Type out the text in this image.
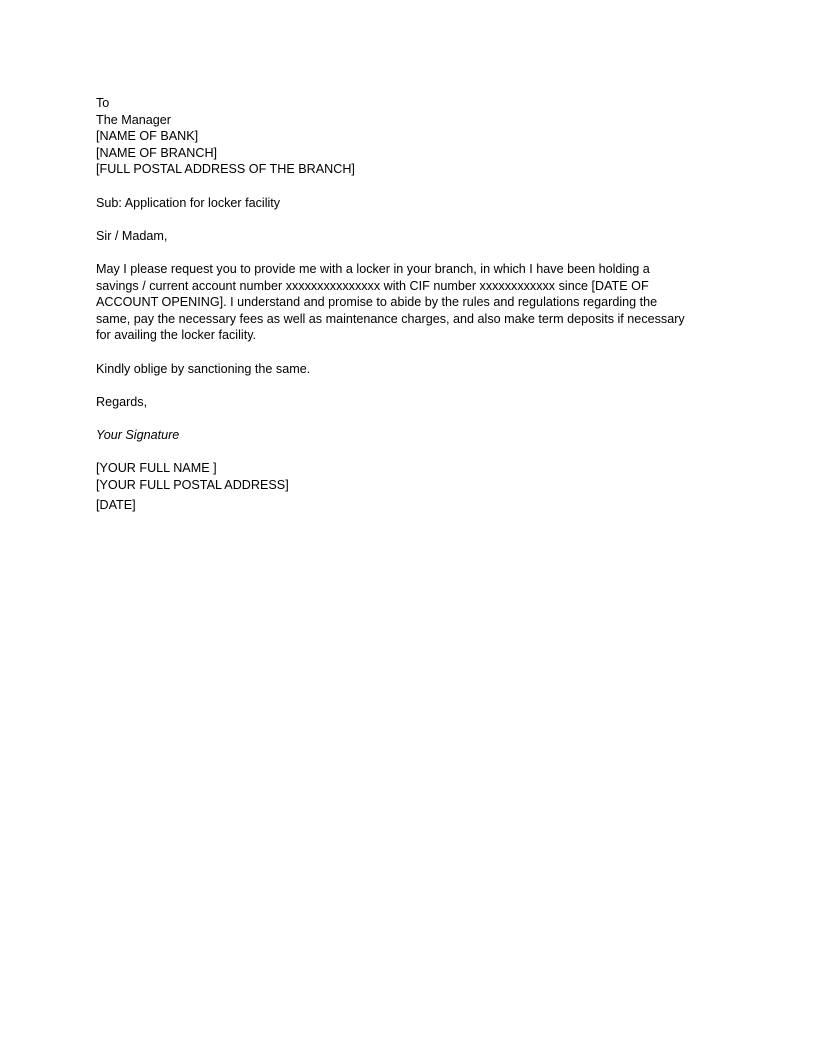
To
The Manager
[NAME OF BANK]
[NAME OF BRANCH]
[FULL POSTAL ADDRESS OF THE BRANCH]
Sub: Application for locker facility
Sir / Madam,
May I please request you to provide me with a locker in your branch, in which I have been holding a
savings / current account number xxxxxxxxxxxxxxx with CIF number xxxxxxxxxxxx since [DATE OF
ACCOUNT OPENING]. I understand and promise to abide by the rules and regulations regarding the
same, pay the necessary fees as well as maintenance charges, and also make term deposits if necessary
for availing the locker facility.
Kindly oblige by sanctioning the same.
Regards,
Your Signature
[YOUR FULL NAME ]
[YOUR FULL POSTAL ADDRESS]
[DATE]
